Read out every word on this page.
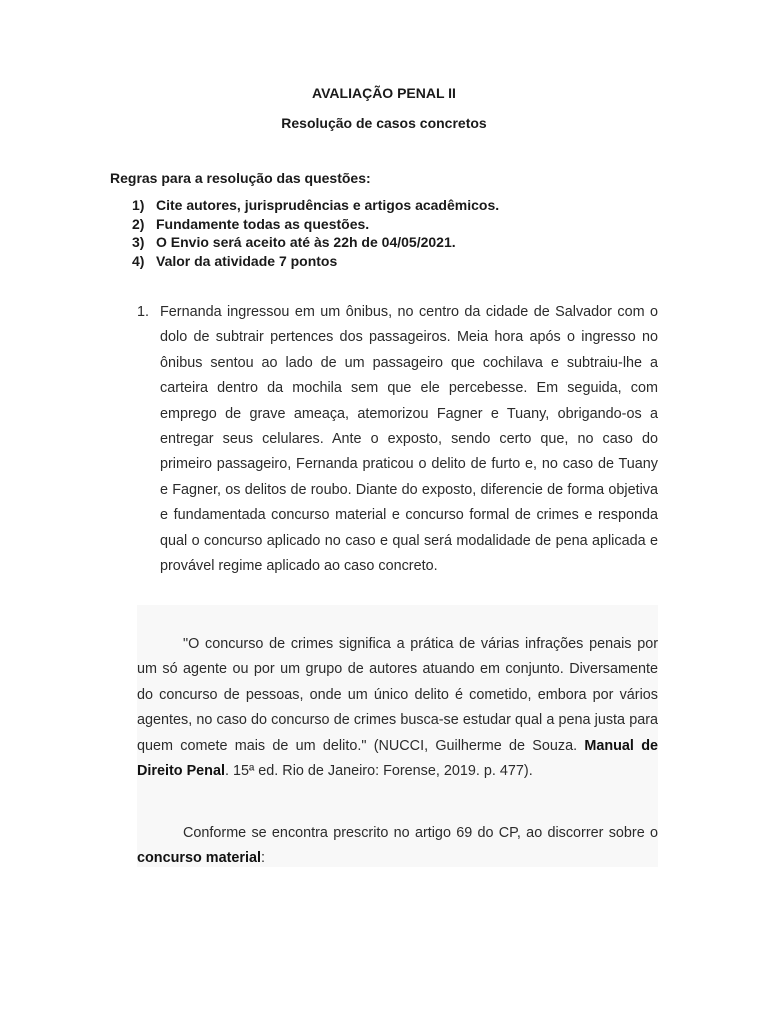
AVALIAÇÃO PENAL II
Resolução de casos concretos
Regras para a resolução das questões:
1) Cite autores, jurisprudências e artigos acadêmicos.
2) Fundamente todas as questões.
3) O Envio será aceito até às 22h de 04/05/2021.
4) Valor da atividade 7 pontos
1. Fernanda ingressou em um ônibus, no centro da cidade de Salvador com o dolo de subtrair pertences dos passageiros. Meia hora após o ingresso no ônibus sentou ao lado de um passageiro que cochilava e subtraiu-lhe a carteira dentro da mochila sem que ele percebesse. Em seguida, com emprego de grave ameaça, atemorizou Fagner e Tuany, obrigando-os a entregar seus celulares. Ante o exposto, sendo certo que, no caso do primeiro passageiro, Fernanda praticou o delito de furto e, no caso de Tuany e Fagner, os delitos de roubo. Diante do exposto, diferencie de forma objetiva e fundamentada concurso material e concurso formal de crimes e responda qual o concurso aplicado no caso e qual será modalidade de pena aplicada e provável regime aplicado ao caso concreto.

"O concurso de crimes significa a prática de várias infrações penais por um só agente ou por um grupo de autores atuando em conjunto. Diversamente do concurso de pessoas, onde um único delito é cometido, embora por vários agentes, no caso do concurso de crimes busca-se estudar qual a pena justa para quem comete mais de um delito." (NUCCI, Guilherme de Souza. Manual de Direito Penal. 15ª ed. Rio de Janeiro: Forense, 2019. p. 477).

Conforme se encontra prescrito no artigo 69 do CP, ao discorrer sobre o concurso material:
